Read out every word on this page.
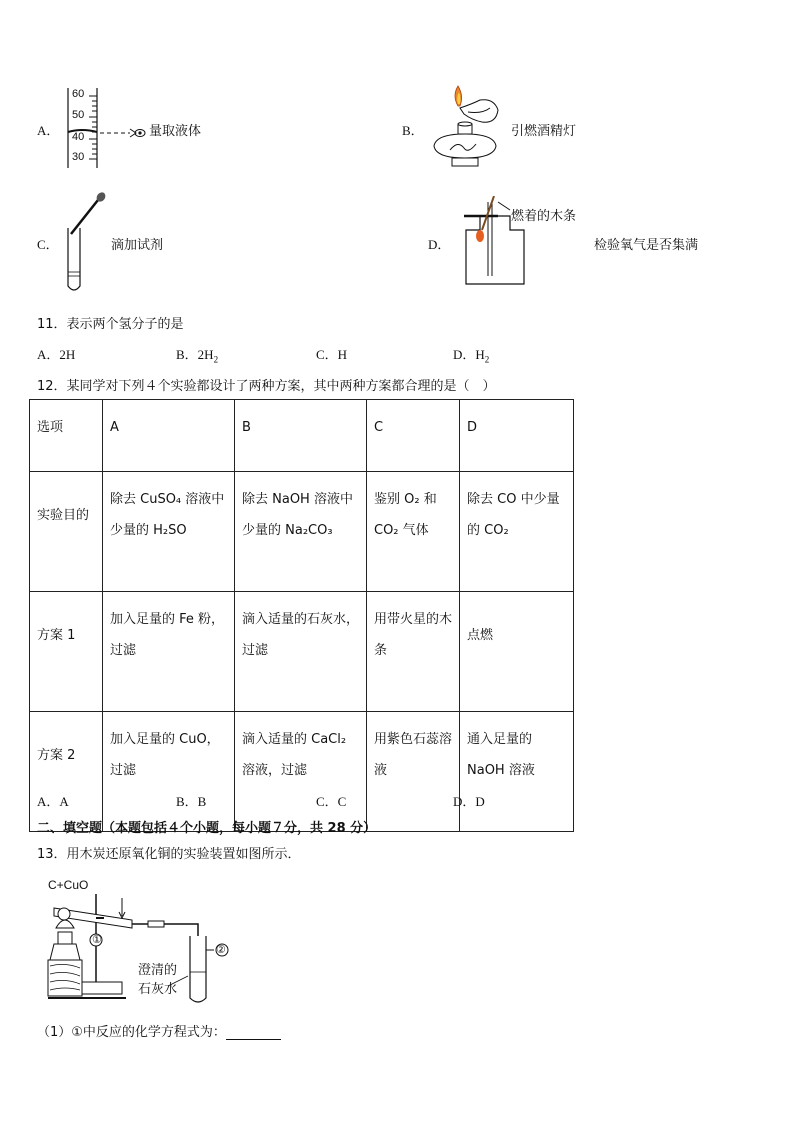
A．
60
50
40
30
量取液体	B．	引燃酒精灯
C．	滴加试剂	D．
燃着的木条
检验氧气是否集满
11．表示两个氢分子的是
A．2H	B．$2H_2$	C．H	D．$H_2$
12．某同学对下列４个实验都设计了两种方案，其中两种方案都合理的是（　）
选项	A	B	C	D
实验目的	除去 CuSO₄ 溶液中少量的 H₂SO	除去 NaOH 溶液中少量的 Na₂CO₃	鉴别 O₂ 和 CO₂ 气体	除去 CO 中少量的 CO₂
方案 1	加入足量的 Fe 粉，过滤	滴入适量的石灰水，过滤	用带火星的木条	点燃
方案 2	加入足量的 CuO，过滤	滴入适量的 CaCl₂ 溶液，过滤	用紫色石蕊溶液	通入足量的 NaOH 溶液
A．A	B．B	C．C	D．D
二、填空题（本题包括４个小题，每小题７分，共 28 分）
13．用木炭还原氧化铜的实验装置如图所示．
C+CuO
①
②
澄清的
石灰水
（1）①中反应的化学方程式为：
